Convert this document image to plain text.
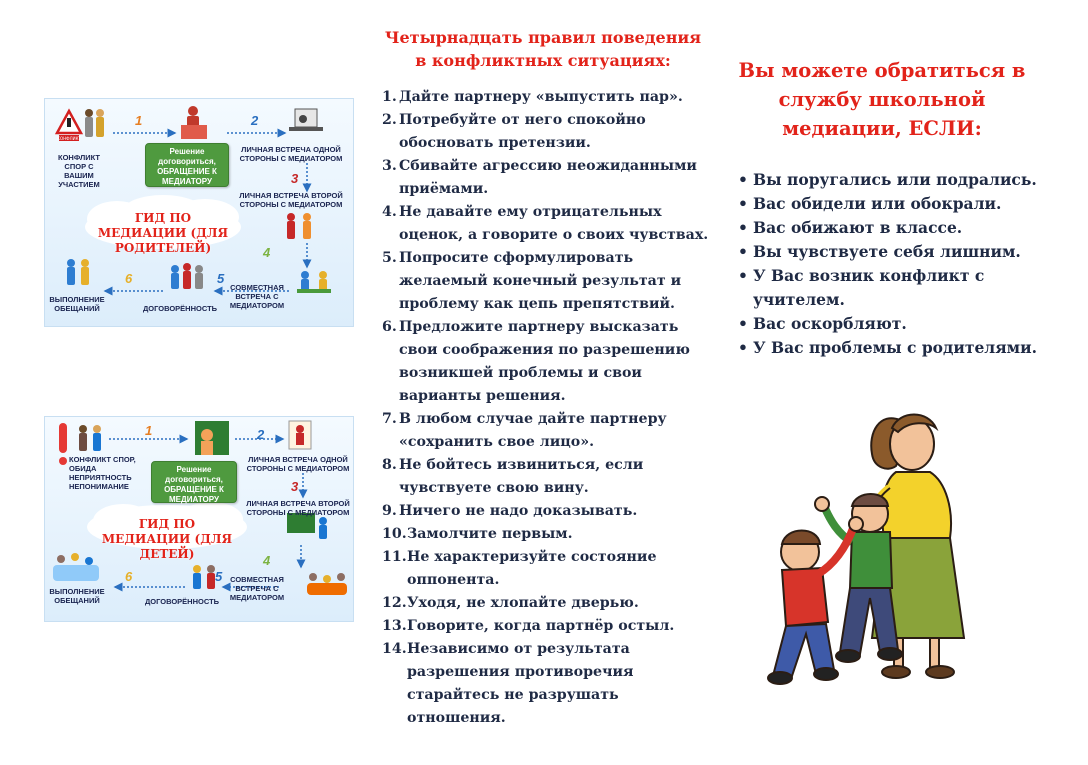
КОНФЛИКТ
1	2
3
4
5
6
КОНФЛИКТ СПОР С ВАШИМ УЧАСТИЕМ
Решение договориться, ОБРАЩЕНИЕ К МЕДИАТОРУ
ЛИЧНАЯ ВСТРЕЧА ОДНОЙ СТОРОНЫ С МЕДИАТОРОМ
ЛИЧНАЯ ВСТРЕЧА ВТОРОЙ СТОРОНЫ С МЕДИАТОРОМ
ГИД ПО МЕДИАЦИИ (ДЛЯ РОДИТЕЛЕЙ)
СОВМЕСТНАЯ ВСТРЕЧА С МЕДИАТОРОМ
ДОГОВОРЁННОСТЬ
ВЫПОЛНЕНИЕ ОБЕЩАНИЙ
1	2
3
4
5
6
КОНФЛИКТ СПОР, ОБИДА НЕПРИЯТНОСТЬ НЕПОНИМАНИЕ
Решение договориться, ОБРАЩЕНИЕ К МЕДИАТОРУ
ЛИЧНАЯ ВСТРЕЧА ОДНОЙ СТОРОНЫ С МЕДИАТОРОМ
ЛИЧНАЯ ВСТРЕЧА ВТОРОЙ СТОРОНЫ С МЕДИАТОРОМ
ГИД ПО МЕДИАЦИИ (ДЛЯ ДЕТЕЙ)
СОВМЕСТНАЯ ВСТРЕЧА С МЕДИАТОРОМ
ДОГОВОРЁННОСТЬ
ВЫПОЛНЕНИЕ ОБЕЩАНИЙ
Четырнадцать правил поведения в конфликтных ситуациях:
1. Дайте партнеру «выпустить пар».
2. Потребуйте от него спокойно обосновать претензии.
3. Сбивайте агрессию неожиданными приёмами.
4. Не давайте ему отрицательных оценок, а говорите о своих чувствах.
5. Попросите сформулировать желаемый конечный результат и проблему как цепь препятствий.
6. Предложите партнеру высказать свои соображения по разрешению возникшей проблемы и свои варианты решения.
7. В любом случае дайте партнеру «сохранить свое лицо».
8. Не бойтесь извиниться, если чувствуете свою вину.
9. Ничего не надо доказывать.
10. Замолчите первым.
11. Не характеризуйте состояние оппонента.
12. Уходя, не хлопайте дверью.
13. Говорите, когда партнёр остыл.
14. Независимо от результата разрешения противоречия старайтесь не разрушать отношения.
Вы можете обратиться в службу школьной медиации, ЕСЛИ:
• Вы поругались или подрались.
• Вас обидели или обокрали.
• Вас обижают в классе.
• Вы чувствуете себя лишним.
• У Вас возник конфликт с учителем.
• Вас оскорбляют.
• У Вас проблемы с родителями.
